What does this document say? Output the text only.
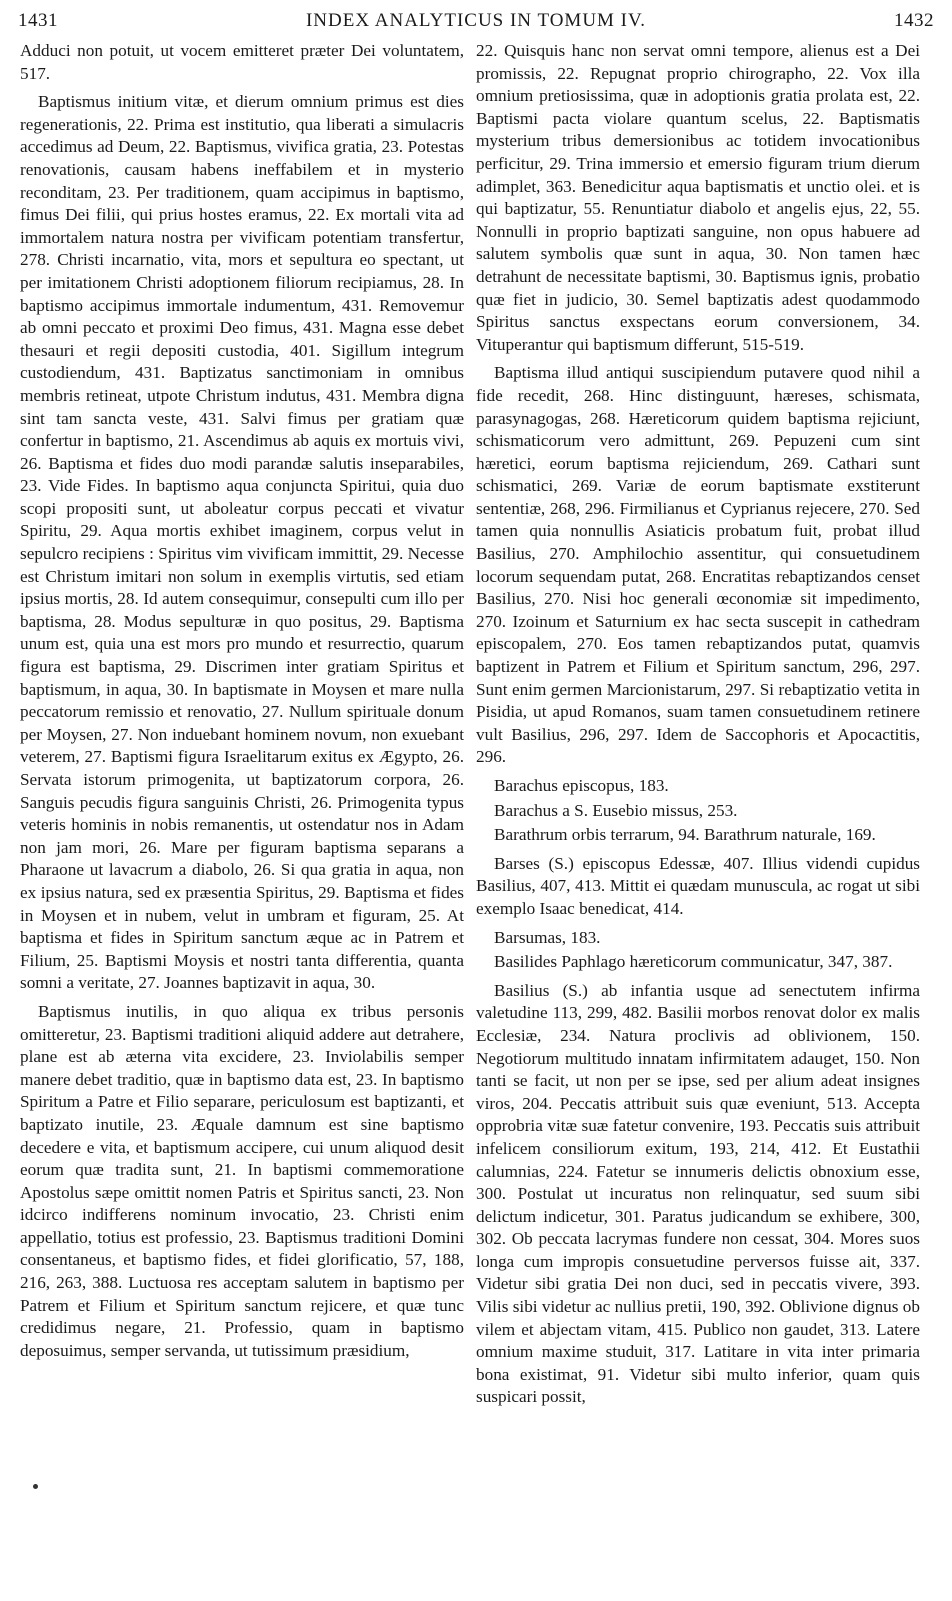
1431	INDEX ANALYTICUS IN TOMUM IV.	1432

Adduci non potuit, ut vocem emitteret præter Dei voluntatem, 517.

Baptismus initium vitæ, et dierum omnium primus est dies regenerationis, 22. Prima est institutio, qua liberati a simulacris accedimus ad Deum, 22. Baptismus, vivifica gratia, 23. Potestas renovationis, causam habens ineffabilem et in mysterio reconditam, 23. Per traditionem, quam accipimus in baptismo, fimus Dei filii, qui prius hostes eramus, 22. Ex mortali vita ad immortalem natura nostra per vivificam potentiam transfertur, 278. Christi incarnatio, vita, mors et sepultura eo spectant, ut per imitationem Christi adoptionem filiorum recipiamus, 28. In baptismo accipimus immortale indumentum, 431. Removemur ab omni peccato et proximi Deo fimus, 431. Magna esse debet thesauri et regii depositi custodia, 401. Sigillum integrum custodiendum, 431. Baptizatus sanctimoniam in omnibus membris retineat, utpote Christum indutus, 431. Membra digna sint tam sancta veste, 431. Salvi fimus per gratiam quæ confertur in baptismo, 21. Ascendimus ab aquis ex mortuis vivi, 26. Baptisma et fides duo modi parandæ salutis inseparabiles, 23. Vide Fides. In baptismo aqua conjuncta Spiritui, quia duo scopi propositi sunt, ut aboleatur corpus peccati et vivatur Spiritu, 29. Aqua mortis exhibet imaginem, corpus velut in sepulcro recipiens : Spiritus vim vivificam immittit, 29. Necesse est Christum imitari non solum in exemplis virtutis, sed etiam ipsius mortis, 28. Id autem consequimur, consepulti cum illo per baptisma, 28. Modus sepulturæ in quo positus, 29. Baptisma unum est, quia una est mors pro mundo et resurrectio, quarum figura est baptisma, 29. Discrimen inter gratiam Spiritus et baptismum, in aqua, 30. In baptismate in Moysen et mare nulla peccatorum remissio et renovatio, 27. Nullum spirituale donum per Moysen, 27. Non induebant hominem novum, non exuebant veterem, 27. Baptismi figura Israelitarum exitus ex Ægypto, 26. Servata istorum primogenita, ut baptizatorum corpora, 26. Sanguis pecudis figura sanguinis Christi, 26. Primogenita typus veteris hominis in nobis remanentis, ut ostendatur nos in Adam non jam mori, 26. Mare per figuram baptisma separans a Pharaone ut lavacrum a diabolo, 26. Si qua gratia in aqua, non ex ipsius natura, sed ex præsentia Spiritus, 29. Baptisma et fides in Moysen et in nubem, velut in umbram et figuram, 25. At baptisma et fides in Spiritum sanctum æque ac in Patrem et Filium, 25. Baptismi Moysis et nostri tanta differentia, quanta somni a veritate, 27. Joannes baptizavit in aqua, 30.

Baptismus inutilis, in quo aliqua ex tribus personis omitteretur, 23. Baptismi traditioni aliquid addere aut detrahere, plane est ab æterna vita excidere, 23. Inviolabilis semper manere debet traditio, quæ in baptismo data est, 23. In baptismo Spiritum a Patre et Filio separare, periculosum est baptizanti, et baptizato inutile, 23. Æquale damnum est sine baptismo decedere e vita, et baptismum accipere, cui unum aliquod desit eorum quæ tradita sunt, 21. In baptismi commemoratione Apostolus sæpe omittit nomen Patris et Spiritus sancti, 23. Non idcirco indifferens nominum invocatio, 23. Christi enim appellatio, totius est professio, 23. Baptismus traditioni Domini consentaneus, et baptismo fides, et fidei glorificatio, 57, 188, 216, 263, 388. Luctuosa res acceptam salutem in baptismo per Patrem et Filium et Spiritum sanctum rejicere, et quæ tunc credidimus negare, 21. Professio, quam in baptismo deposuimus, semper servanda, ut tutissimum præsidium,

22. Quisquis hanc non servat omni tempore, alienus est a Dei promissis, 22. Repugnat proprio chirographo, 22. Vox illa omnium pretiosissima, quæ in adoptionis gratia prolata est, 22. Baptismi pacta violare quantum scelus, 22. Baptismatis mysterium tribus demersionibus ac totidem invocationibus perficitur, 29. Trina immersio et emersio figuram trium dierum adimplet, 363. Benedicitur aqua baptismatis et unctio olei. et is qui baptizatur, 55. Renuntiatur diabolo et angelis ejus, 22, 55. Nonnulli in proprio baptizati sanguine, non opus habuere ad salutem symbolis quæ sunt in aqua, 30. Non tamen hæc detrahunt de necessitate baptismi, 30. Baptismus ignis, probatio quæ fiet in judicio, 30. Semel baptizatis adest quodammodo Spiritus sanctus exspectans eorum conversionem, 34. Vituperantur qui baptismum differunt, 515-519.

Baptisma illud antiqui suscipiendum putavere quod nihil a fide recedit, 268. Hinc distinguunt, hæreses, schismata, parasynagogas, 268. Hæreticorum quidem baptisma rejiciunt, schismaticorum vero admittunt, 269. Pepuzeni cum sint hæretici, eorum baptisma rejiciendum, 269. Cathari sunt schismatici, 269. Variæ de eorum baptismate exstiterunt sententiæ, 268, 296. Firmilianus et Cyprianus rejecere, 270. Sed tamen quia nonnullis Asiaticis probatum fuit, probat illud Basilius, 270. Amphilochio assentitur, qui consuetudinem locorum sequendam putat, 268. Encratitas rebaptizandos censet Basilius, 270. Nisi hoc generali œconomiæ sit impedimento, 270. Izoinum et Saturnium ex hac secta suscepit in cathedram episcopalem, 270. Eos tamen rebaptizandos putat, quamvis baptizent in Patrem et Filium et Spiritum sanctum, 296, 297. Sunt enim germen Marcionistarum, 297. Si rebaptizatio vetita in Pisidia, ut apud Romanos, suam tamen consuetudinem retinere vult Basilius, 296, 297. Idem de Saccophoris et Apocactitis, 296.

Barachus episcopus, 183.

Barachus a S. Eusebio missus, 253.

Barathrum orbis terrarum, 94. Barathrum naturale, 169.

Barses (S.) episcopus Edessæ, 407. Illius videndi cupidus Basilius, 407, 413. Mittit ei quædam munuscula, ac rogat ut sibi exemplo Isaac benedicat, 414.

Barsumas, 183.

Basilides Paphlago hæreticorum communicatur, 347, 387.

Basilius (S.) ab infantia usque ad senectutem infirma valetudine 113, 299, 482. Basilii morbos renovat dolor ex malis Ecclesiæ, 234. Natura proclivis ad oblivionem, 150. Negotiorum multitudo innatam infirmitatem adauget, 150. Non tanti se facit, ut non per se ipse, sed per alium adeat insignes viros, 204. Peccatis attribuit suis quæ eveniunt, 513. Accepta opprobria vitæ suæ fatetur convenire, 193. Peccatis suis attribuit infelicem consiliorum exitum, 193, 214, 412. Et Eustathii calumnias, 224. Fatetur se innumeris delictis obnoxium esse, 300. Postulat ut incuratus non relinquatur, sed suum sibi delictum indicetur, 301. Paratus judicandum se exhibere, 300, 302. Ob peccata lacrymas fundere non cessat, 304. Mores suos longa cum impropis consuetudine perversos fuisse ait, 337. Videtur sibi gratia Dei non duci, sed in peccatis vivere, 393. Vilis sibi videtur ac nullius pretii, 190, 392. Oblivione dignus ob vilem et abjectam vitam, 415. Publico non gaudet, 313. Latere omnium maxime studuit, 317. Latitare in vita inter primaria bona existimat, 91. Videtur sibi multo inferior, quam quis suspicari possit,
